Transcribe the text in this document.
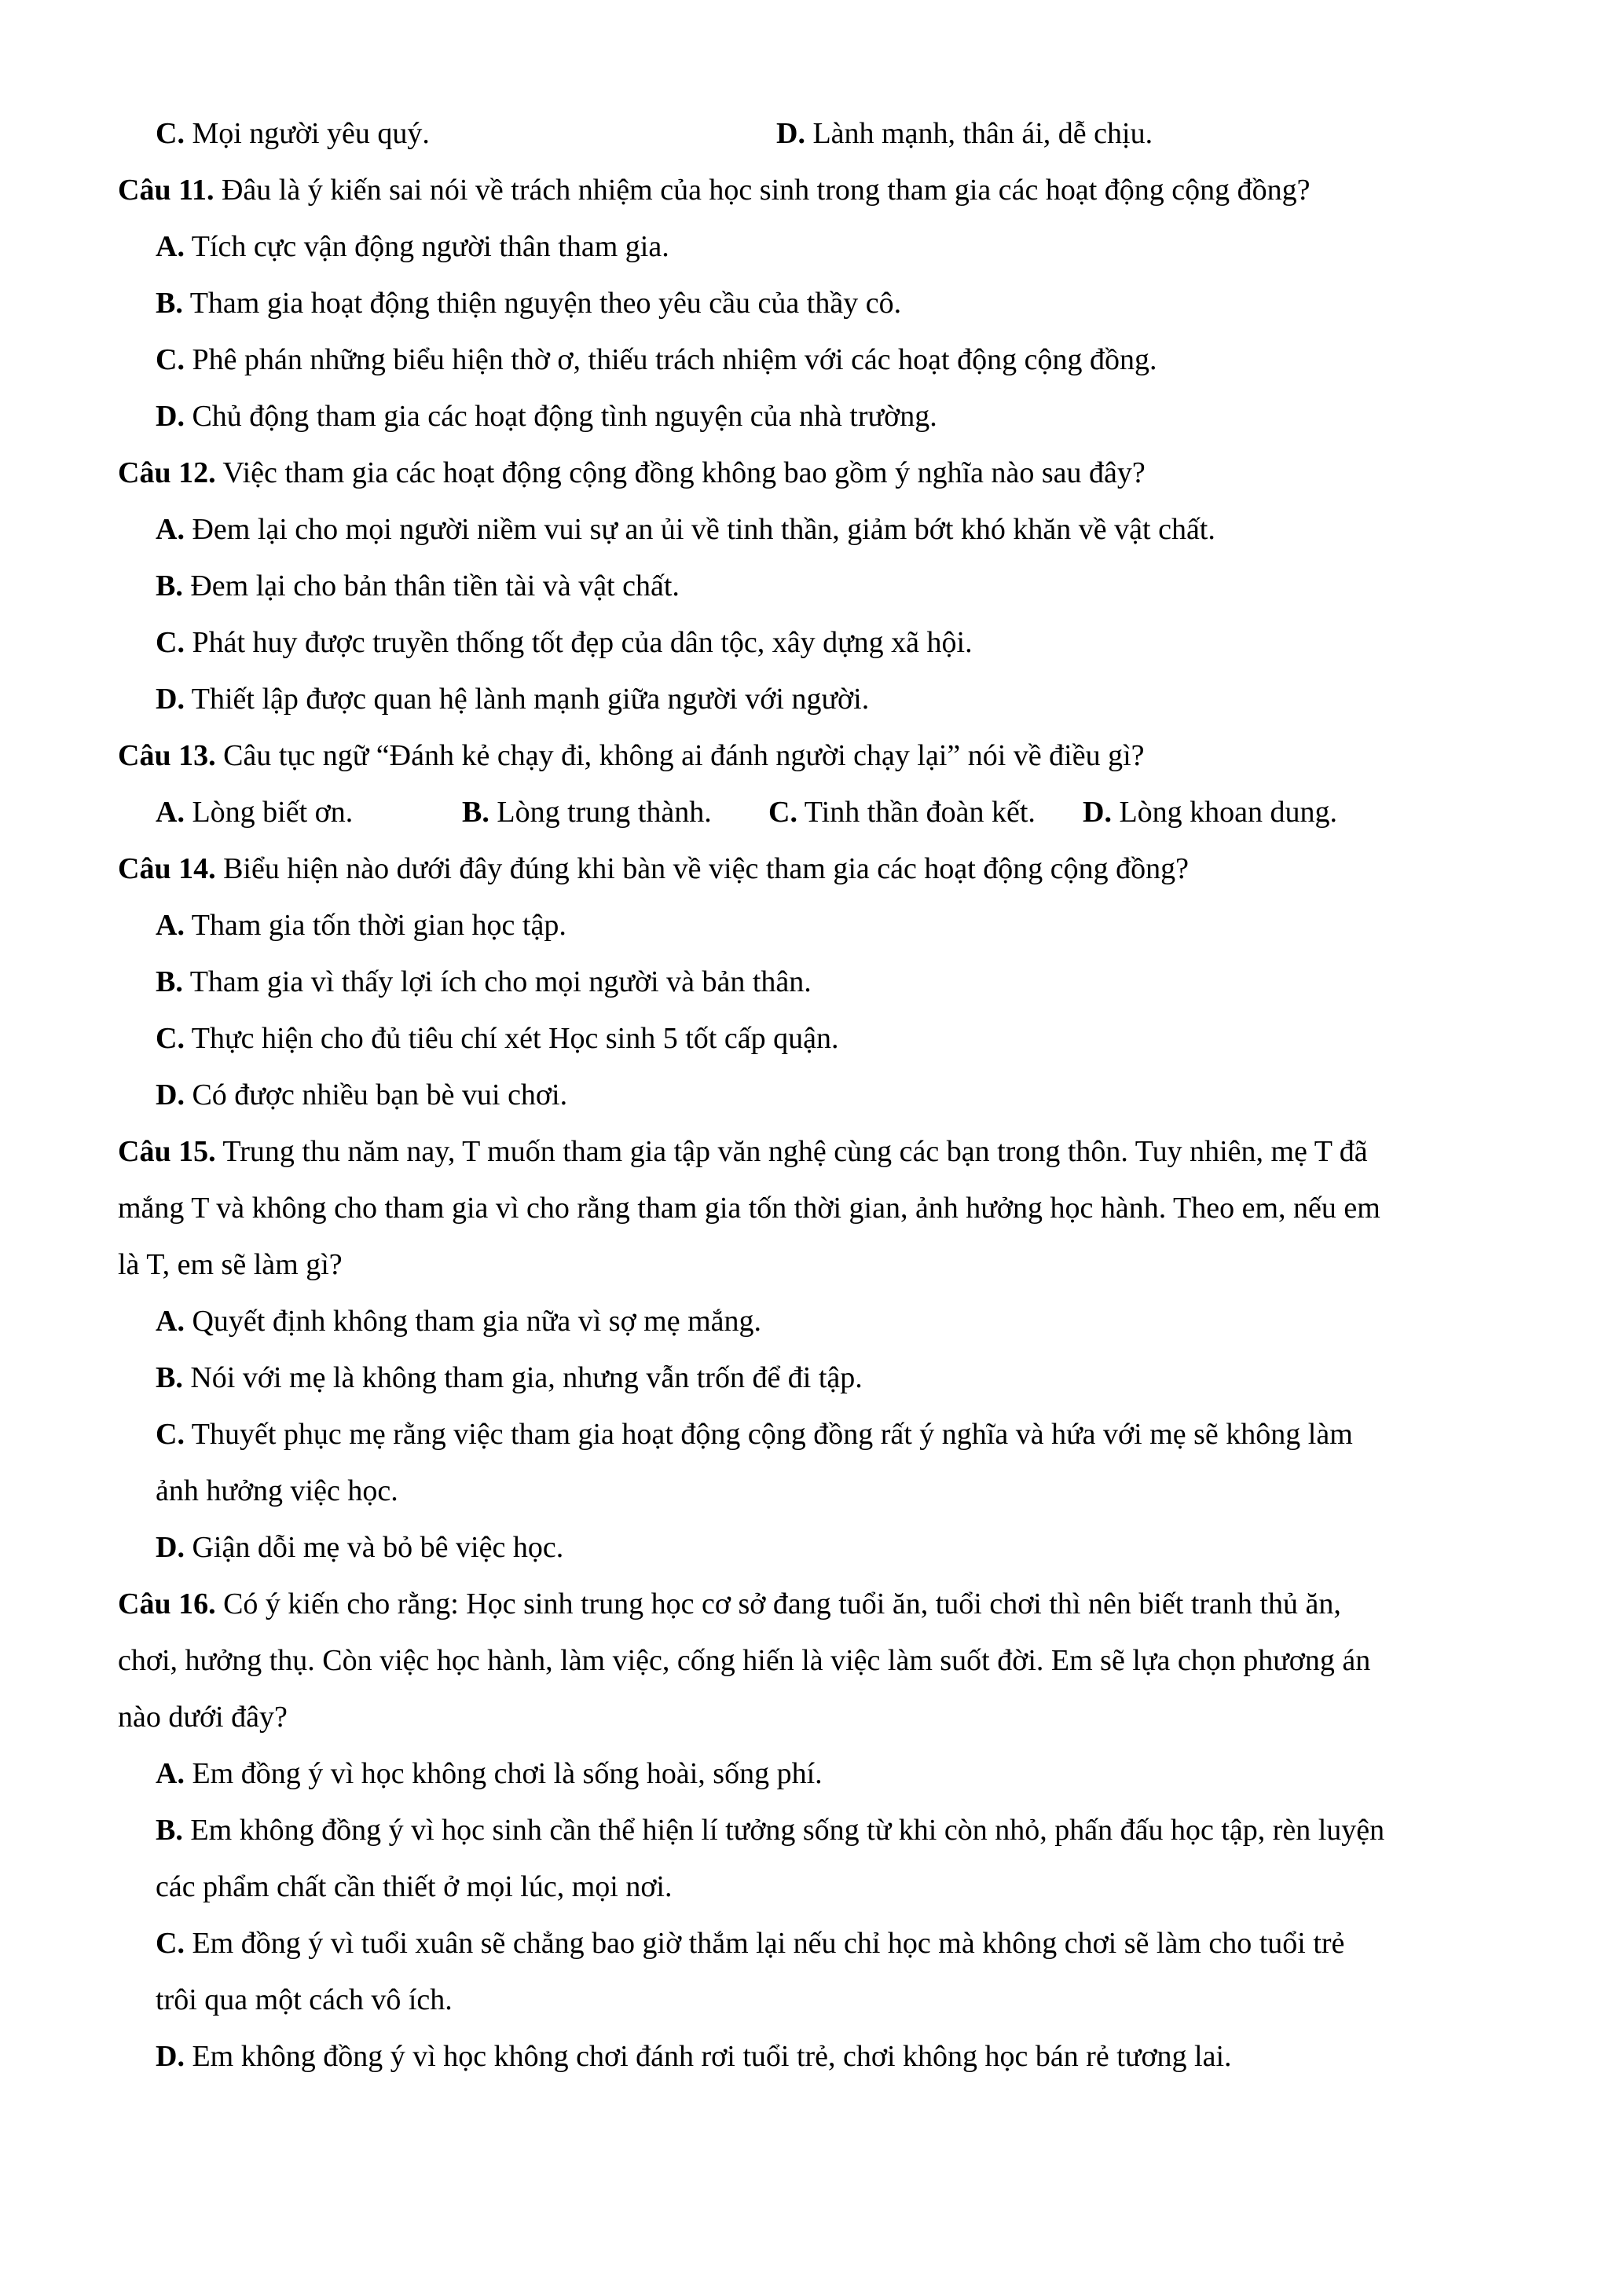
C. Mọi người yêu quý.	D. Lành mạnh, thân ái, dễ chịu.
Câu 11. Đâu là ý kiến sai nói về trách nhiệm của học sinh trong tham gia các hoạt động cộng đồng?
A. Tích cực vận động người thân tham gia.
B. Tham gia hoạt động thiện nguyện theo yêu cầu của thầy cô.
C. Phê phán những biểu hiện thờ ơ, thiếu trách nhiệm với các hoạt động cộng đồng.
D. Chủ động tham gia các hoạt động tình nguyện của nhà trường.
Câu 12. Việc tham gia các hoạt động cộng đồng không bao gồm ý nghĩa nào sau đây?
A. Đem lại cho mọi người niềm vui sự an ủi về tinh thần, giảm bớt khó khăn về vật chất.
B. Đem lại cho bản thân tiền tài và vật chất.
C. Phát huy được truyền thống tốt đẹp của dân tộc, xây dựng xã hội.
D. Thiết lập được quan hệ lành mạnh giữa người với người.
Câu 13. Câu tục ngữ “Đánh kẻ chạy đi, không ai đánh người chạy lại” nói về điều gì?
A. Lòng biết ơn.	B. Lòng trung thành. C. Tinh thần đoàn kết. D. Lòng khoan dung.
Câu 14. Biểu hiện nào dưới đây đúng khi bàn về việc tham gia các hoạt động cộng đồng?
A. Tham gia tốn thời gian học tập.
B. Tham gia vì thấy lợi ích cho mọi người và bản thân.
C. Thực hiện cho đủ tiêu chí xét Học sinh 5 tốt cấp quận.
D. Có được nhiều bạn bè vui chơi.
Câu 15. Trung thu năm nay, T muốn tham gia tập văn nghệ cùng các bạn trong thôn. Tuy nhiên, mẹ T đã
mắng T và không cho tham gia vì cho rằng tham gia tốn thời gian, ảnh hưởng học hành. Theo em, nếu em
là T, em sẽ làm gì?
A. Quyết định không tham gia nữa vì sợ mẹ mắng.
B. Nói với mẹ là không tham gia, nhưng vẫn trốn để đi tập.
C. Thuyết phục mẹ rằng việc tham gia hoạt động cộng đồng rất ý nghĩa và hứa với mẹ sẽ không làm
ảnh hưởng việc học.
D. Giận dỗi mẹ và bỏ bê việc học.
Câu 16. Có ý kiến cho rằng: Học sinh trung học cơ sở đang tuổi ăn, tuổi chơi thì nên biết tranh thủ ăn,
chơi, hưởng thụ. Còn việc học hành, làm việc, cống hiến là việc làm suốt đời. Em sẽ lựa chọn phương án
nào dưới đây?
A. Em đồng ý vì học không chơi là sống hoài, sống phí.
B. Em không đồng ý vì học sinh cần thể hiện lí tưởng sống từ khi còn nhỏ, phấn đấu học tập, rèn luyện
các phẩm chất cần thiết ở mọi lúc, mọi nơi.
C. Em đồng ý vì tuổi xuân sẽ chẳng bao giờ thắm lại nếu chỉ học mà không chơi sẽ làm cho tuổi trẻ
trôi qua một cách vô ích.
D. Em không đồng ý vì học không chơi đánh rơi tuổi trẻ, chơi không học bán rẻ tương lai.
